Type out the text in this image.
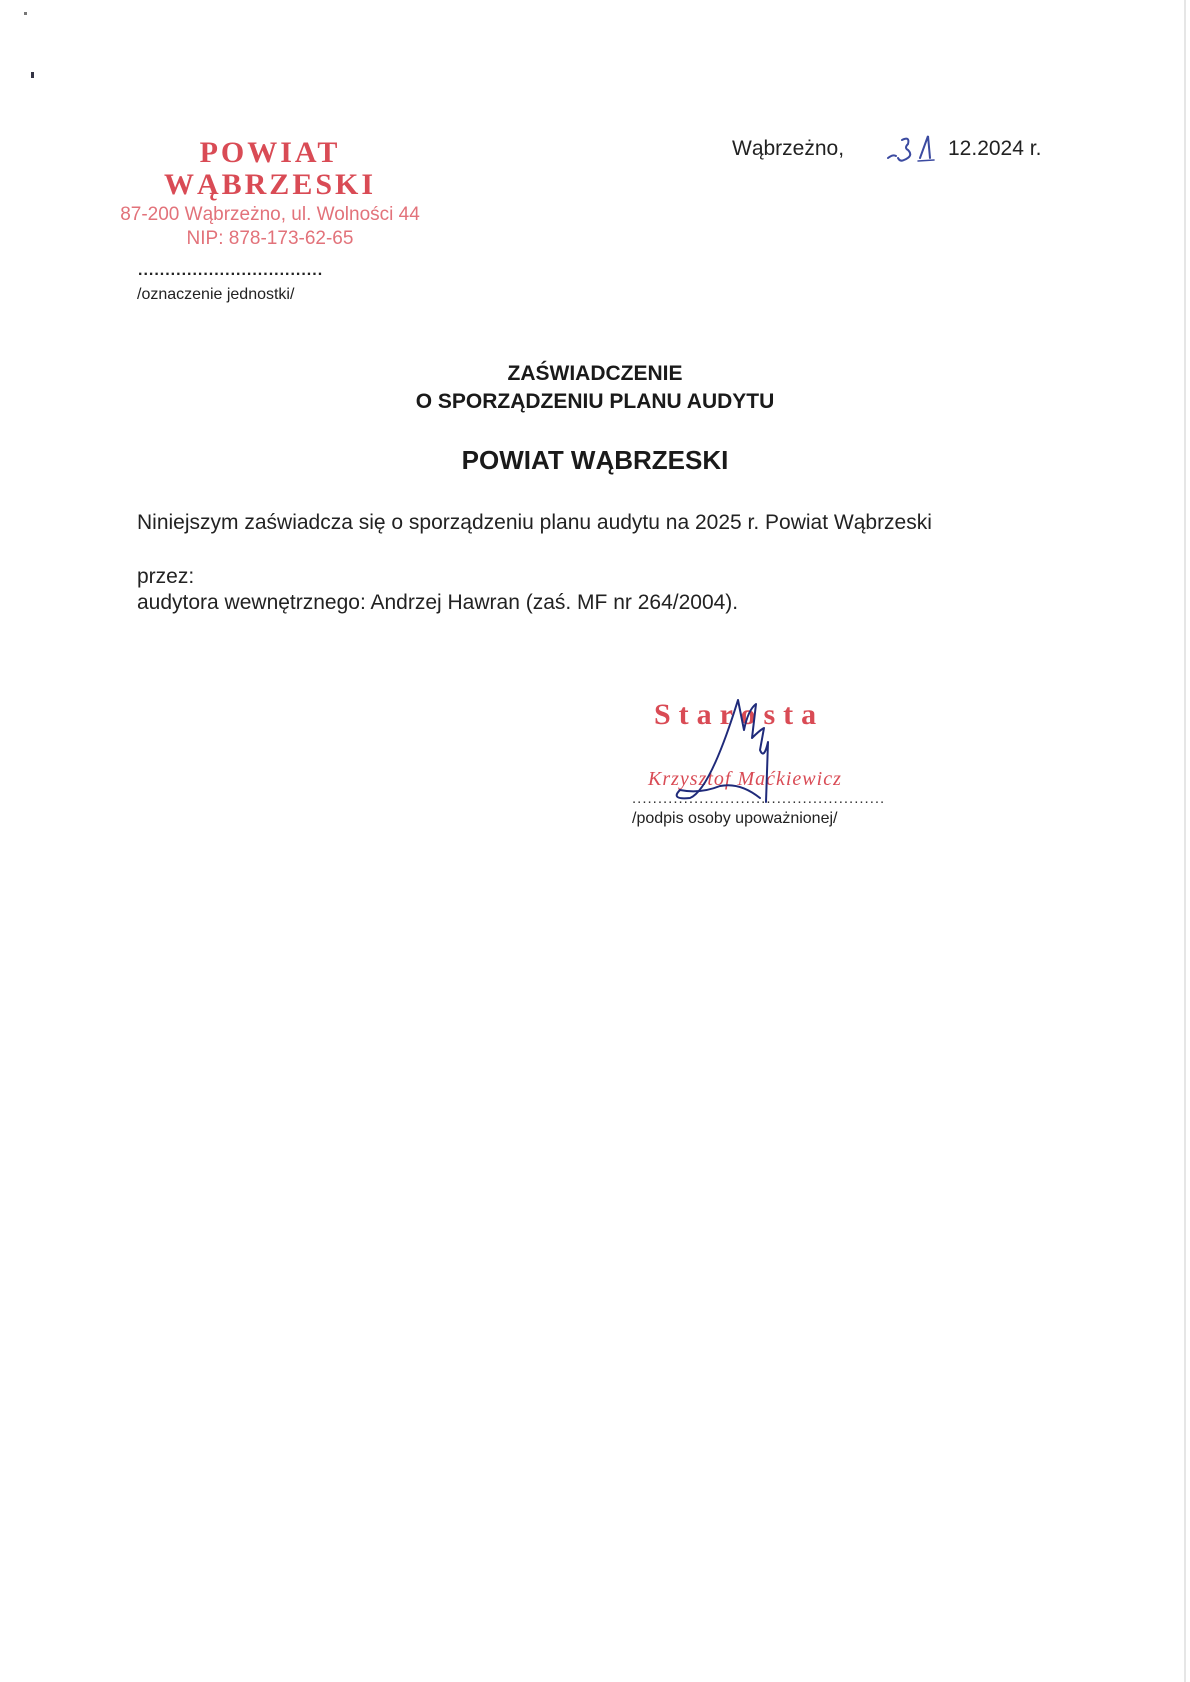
POWIAT
WĄBRZESKI
87-200 Wąbrzeżno, ul. Wolności 44
NIP: 878-173-62-65
..................................
/oznaczenie jednostki/
Wąbrzeżno,	12.2024 r.
ZAŚWIADCZENIE
O SPORZĄDZENIU PLANU AUDYTU
POWIAT WĄBRZESKI
Niniejszym zaświadcza się o sporządzeniu planu audytu na 2025 r. Powiat Wąbrzeski
przez:
audytora wewnętrznego: Andrzej Hawran (zaś. MF nr 264/2004).
Starosta
Krzysztof Maćkiewicz
.................................................
/podpis osoby upoważnionej/
